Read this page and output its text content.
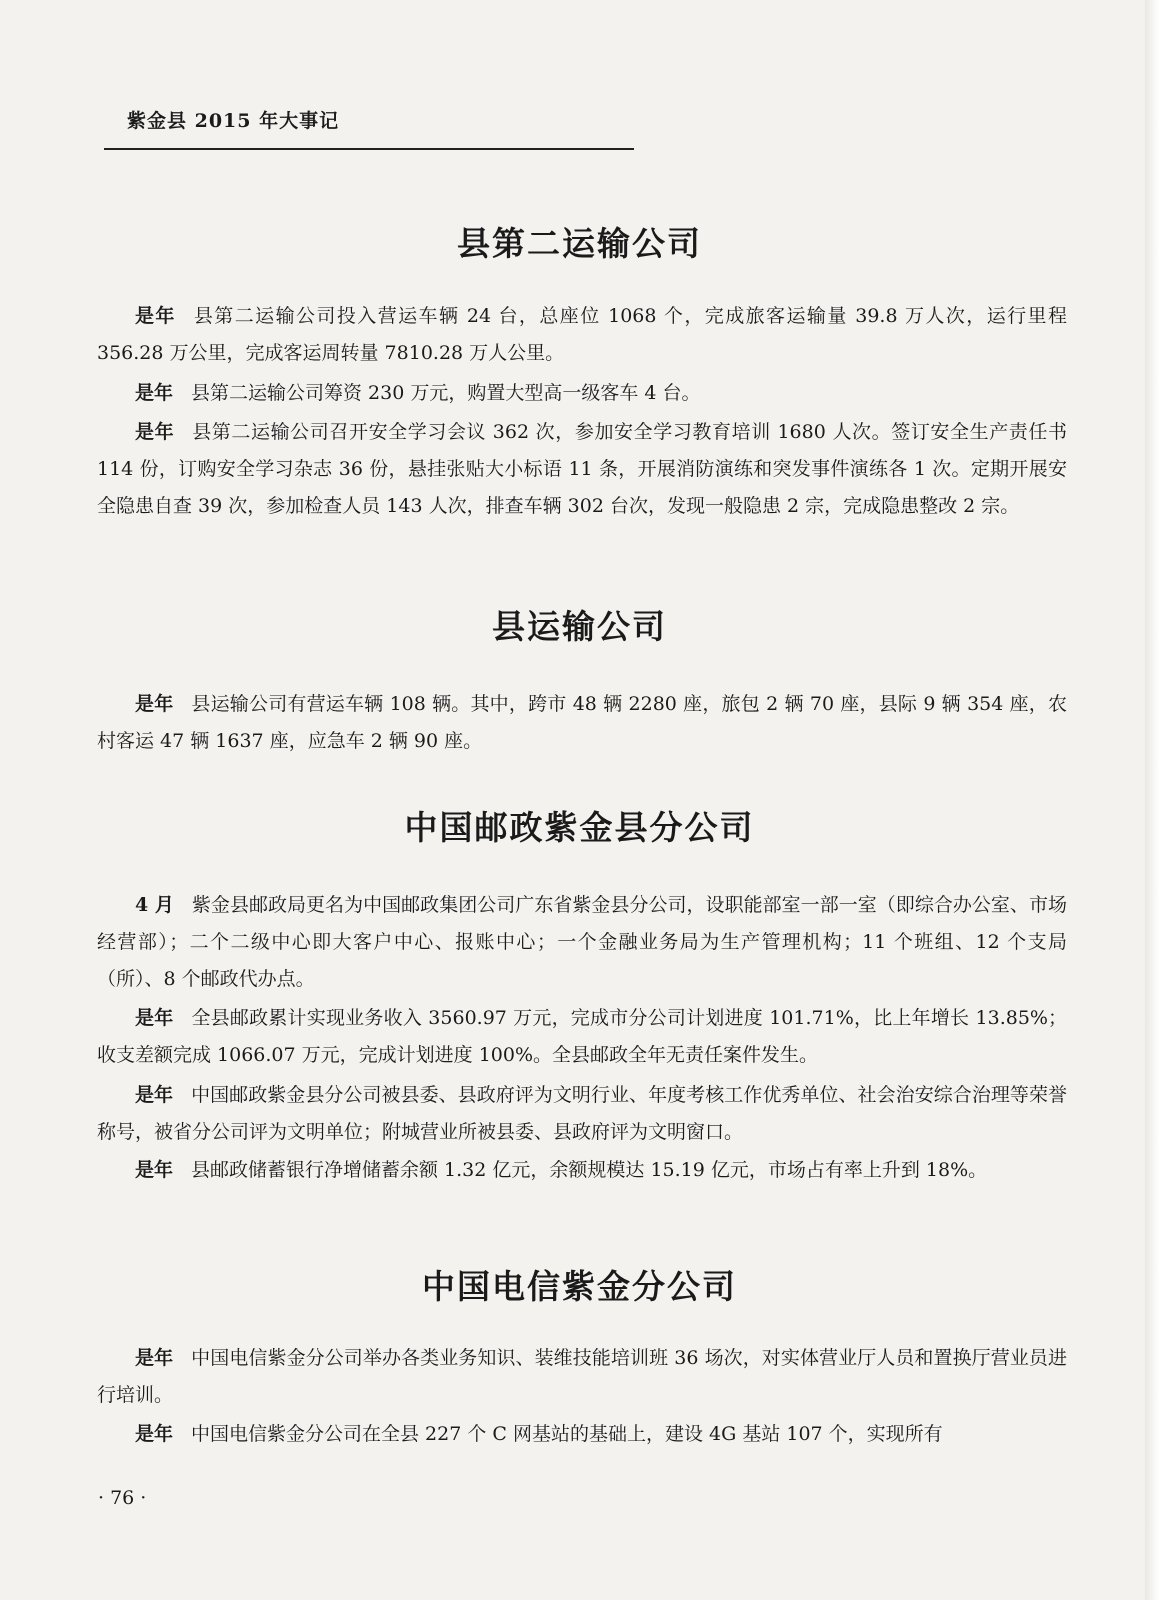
紫金县 2015 年大事记
县第二运输公司
是年 县第二运输公司投入营运车辆 24 台，总座位 1068 个，完成旅客运输量 39.8 万人次，运行里程 356.28 万公里，完成客运周转量 7810.28 万人公里。
是年 县第二运输公司筹资 230 万元，购置大型高一级客车 4 台。
是年 县第二运输公司召开安全学习会议 362 次，参加安全学习教育培训 1680 人次。签订安全生产责任书 114 份，订购安全学习杂志 36 份，悬挂张贴大小标语 11 条，开展消防演练和突发事件演练各 1 次。定期开展安全隐患自查 39 次，参加检查人员 143 人次，排查车辆 302 台次，发现一般隐患 2 宗，完成隐患整改 2 宗。
县运输公司
是年 县运输公司有营运车辆 108 辆。其中，跨市 48 辆 2280 座，旅包 2 辆 70 座，县际 9 辆 354 座，农村客运 47 辆 1637 座，应急车 2 辆 90 座。
中国邮政紫金县分公司
4 月 紫金县邮政局更名为中国邮政集团公司广东省紫金县分公司，设职能部室一部一室（即综合办公室、市场经营部）；二个二级中心即大客户中心、报账中心；一个金融业务局为生产管理机构；11 个班组、12 个支局（所）、8 个邮政代办点。
是年 全县邮政累计实现业务收入 3560.97 万元，完成市分公司计划进度 101.71%，比上年增长 13.85%；收支差额完成 1066.07 万元，完成计划进度 100%。全县邮政全年无责任案件发生。
是年 中国邮政紫金县分公司被县委、县政府评为文明行业、年度考核工作优秀单位、社会治安综合治理等荣誉称号，被省分公司评为文明单位；附城营业所被县委、县政府评为文明窗口。
是年 县邮政储蓄银行净增储蓄余额 1.32 亿元，余额规模达 15.19 亿元，市场占有率上升到 18%。
中国电信紫金分公司
是年 中国电信紫金分公司举办各类业务知识、装维技能培训班 36 场次，对实体营业厅人员和置换厅营业员进行培训。
是年 中国电信紫金分公司在全县 227 个 C 网基站的基础上，建设 4G 基站 107 个，实现所有
· 76 ·
